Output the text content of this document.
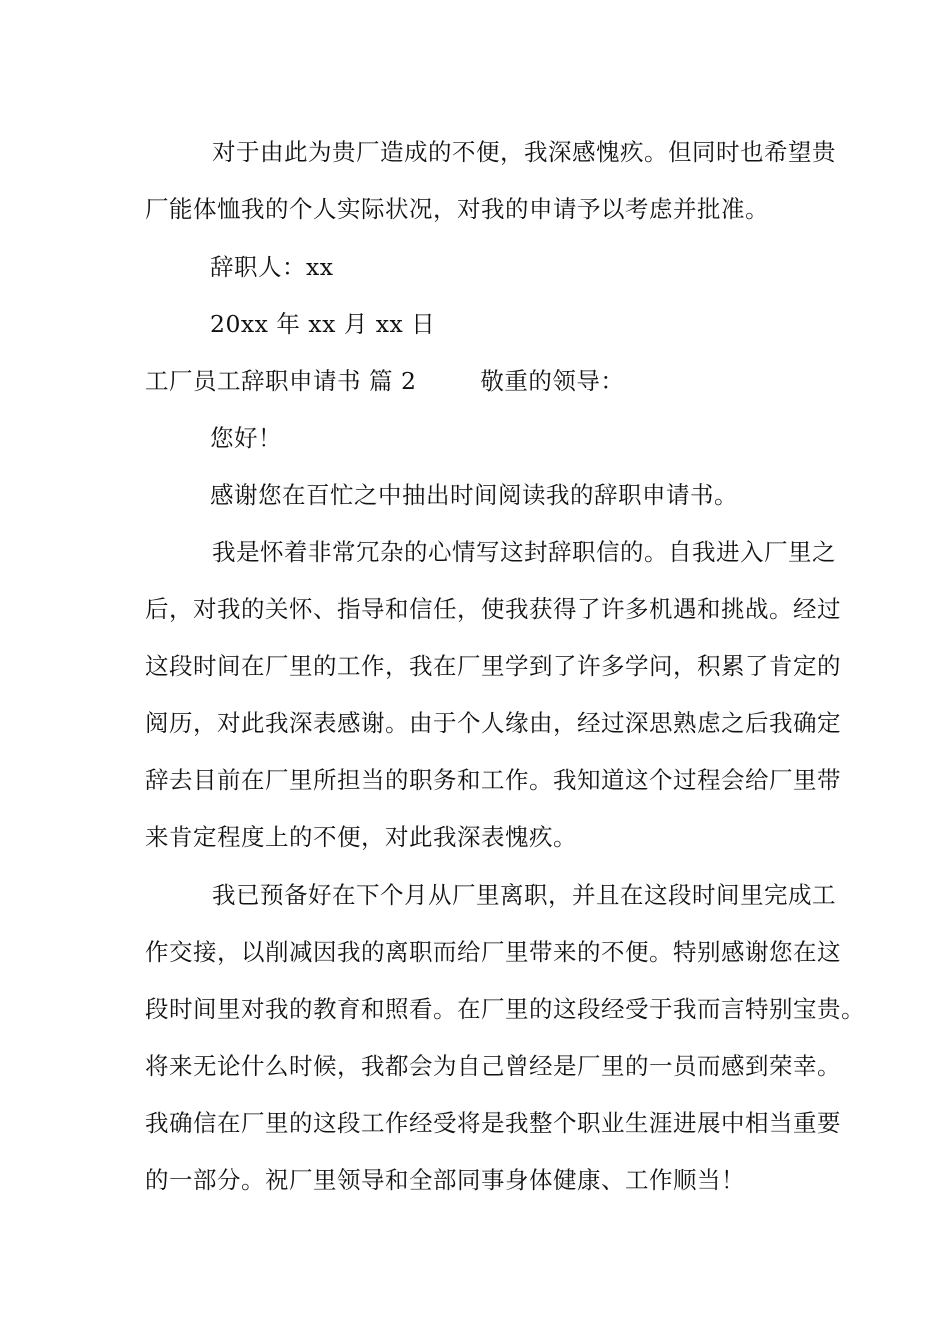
对于由此为贵厂造成的不便，我深感愧疚。但同时也希望贵
厂能体恤我的个人实际状况，对我的申请予以考虑并批准。
辞职人：xx
20xx 年 xx 月 xx 日
工厂员工辞职申请书 篇 2	敬重的领导：
您好！
感谢您在百忙之中抽出时间阅读我的辞职申请书。
我是怀着非常冗杂的心情写这封辞职信的。自我进入厂里之
后，对我的关怀、指导和信任，使我获得了许多机遇和挑战。经过
这段时间在厂里的工作，我在厂里学到了许多学问，积累了肯定的
阅历，对此我深表感谢。由于个人缘由，经过深思熟虑之后我确定
辞去目前在厂里所担当的职务和工作。我知道这个过程会给厂里带
来肯定程度上的不便，对此我深表愧疚。
我已预备好在下个月从厂里离职，并且在这段时间里完成工
作交接，以削减因我的离职而给厂里带来的不便。特别感谢您在这
段时间里对我的教育和照看。在厂里的这段经受于我而言特别宝贵。
将来无论什么时候，我都会为自己曾经是厂里的一员而感到荣幸。
我确信在厂里的这段工作经受将是我整个职业生涯进展中相当重要
的一部分。祝厂里领导和全部同事身体健康、工作顺当！
